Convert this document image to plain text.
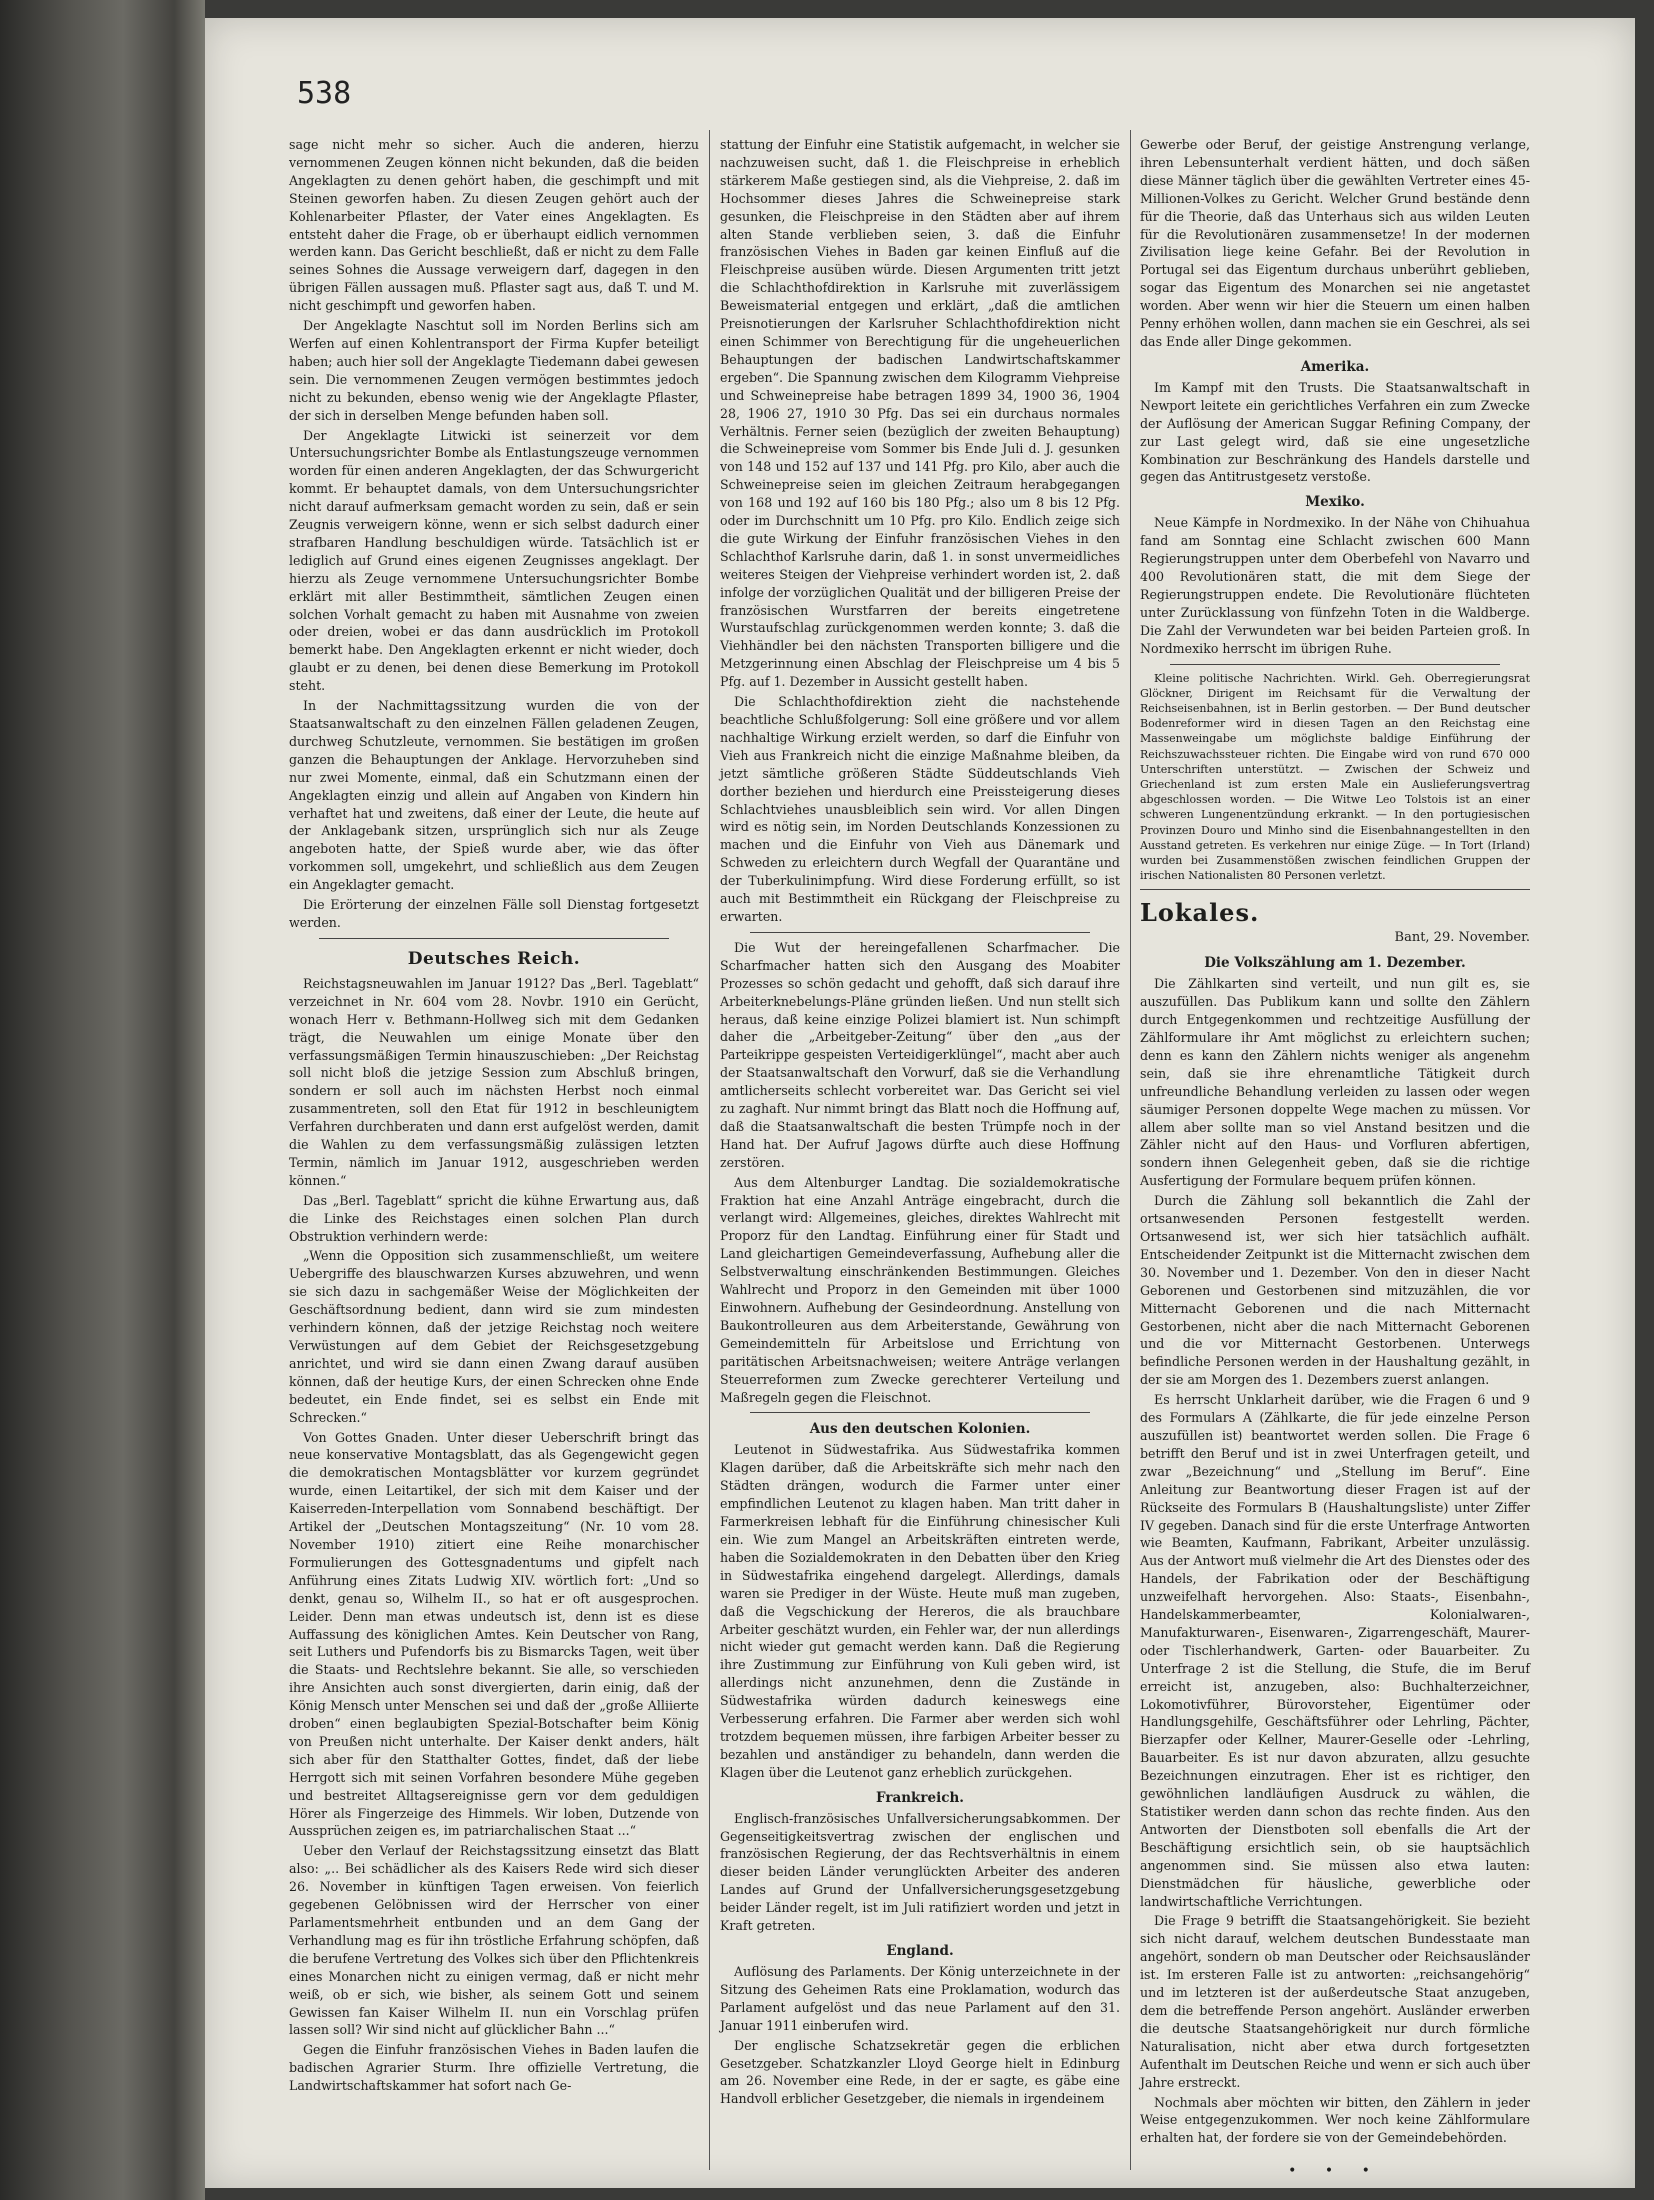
538

sage nicht mehr so sicher. Auch die anderen, hierzu vernommenen Zeugen können nicht bekunden, daß die beiden Angeklagten zu denen gehört haben, die geschimpft und mit Steinen geworfen haben. Zu diesen Zeugen gehört auch der Kohlenarbeiter Pflaster, der Vater eines Angeklagten. Es entsteht daher die Frage, ob er überhaupt eidlich vernommen werden kann. Das Gericht beschließt, daß er nicht zu dem Falle seines Sohnes die Aussage verweigern darf, dagegen in den übrigen Fällen aussagen muß. Pflaster sagt aus, daß T. und M. nicht geschimpft und geworfen haben.

Der Angeklagte Naschtut soll im Norden Berlins sich am Werfen auf einen Kohlentransport der Firma Kupfer beteiligt haben; auch hier soll der Angeklagte Tiedemann dabei gewesen sein. Die vernommenen Zeugen vermögen bestimmtes jedoch nicht zu bekunden, ebenso wenig wie der Angeklagte Pflaster, der sich in derselben Menge befunden haben soll.

Der Angeklagte Litwicki ist seinerzeit vor dem Untersuchungsrichter Bombe als Entlastungszeuge vernommen worden für einen anderen Angeklagten, der das Schwurgericht kommt. Er behauptet damals, von dem Untersuchungsrichter nicht darauf aufmerksam gemacht worden zu sein, daß er sein Zeugnis verweigern könne, wenn er sich selbst dadurch einer strafbaren Handlung beschuldigen würde. Tatsächlich ist er lediglich auf Grund eines eigenen Zeugnisses angeklagt. Der hierzu als Zeuge vernommene Untersuchungsrichter Bombe erklärt mit aller Bestimmtheit, sämtlichen Zeugen einen solchen Vorhalt gemacht zu haben mit Ausnahme von zweien oder dreien, wobei er das dann ausdrücklich im Protokoll bemerkt habe. Den Angeklagten erkennt er nicht wieder, doch glaubt er zu denen, bei denen diese Bemerkung im Protokoll steht.

In der Nachmittagssitzung wurden die von der Staatsanwaltschaft zu den einzelnen Fällen geladenen Zeugen, durchweg Schutzleute, vernommen. Sie bestätigen im großen ganzen die Behauptungen der Anklage. Hervorzuheben sind nur zwei Momente, einmal, daß ein Schutzmann einen der Angeklagten einzig und allein auf Angaben von Kindern hin verhaftet hat und zweitens, daß einer der Leute, die heute auf der Anklagebank sitzen, ursprünglich sich nur als Zeuge angeboten hatte, der Spieß wurde aber, wie das öfter vorkommen soll, umgekehrt, und schließlich aus dem Zeugen ein Angeklagter gemacht.

Die Erörterung der einzelnen Fälle soll Dienstag fortgesetzt werden.

Deutsches Reich.

Reichstagsneuwahlen im Januar 1912? Das „Berl. Tageblatt“ verzeichnet in Nr. 604 vom 28. Novbr. 1910 ein Gerücht, wonach Herr v. Bethmann-Hollweg sich mit dem Gedanken trägt, die Neuwahlen um einige Monate über den verfassungsmäßigen Termin hinauszuschieben: „Der Reichstag soll nicht bloß die jetzige Session zum Abschluß bringen, sondern er soll auch im nächsten Herbst noch einmal zusammentreten, soll den Etat für 1912 in beschleunigtem Verfahren durchberaten und dann erst aufgelöst werden, damit die Wahlen zu dem verfassungsmäßig zulässigen letzten Termin, nämlich im Januar 1912, ausgeschrieben werden können.“

Das „Berl. Tageblatt“ spricht die kühne Erwartung aus, daß die Linke des Reichstages einen solchen Plan durch Obstruktion verhindern werde:

„Wenn die Opposition sich zusammenschließt, um weitere Uebergriffe des blauschwarzen Kurses abzuwehren, und wenn sie sich dazu in sachgemäßer Weise der Möglichkeiten der Geschäftsordnung bedient, dann wird sie zum mindesten verhindern können, daß der jetzige Reichstag noch weitere Verwüstungen auf dem Gebiet der Reichsgesetzgebung anrichtet, und wird sie dann einen Zwang darauf ausüben können, daß der heutige Kurs, der einen Schrecken ohne Ende bedeutet, ein Ende findet, sei es selbst ein Ende mit Schrecken.“

Von Gottes Gnaden. Unter dieser Ueberschrift bringt das neue konservative Montagsblatt, das als Gegengewicht gegen die demokratischen Montagsblätter vor kurzem gegründet wurde, einen Leitartikel, der sich mit dem Kaiser und der Kaiserreden-Interpellation vom Sonnabend beschäftigt. Der Artikel der „Deutschen Montagszeitung“ (Nr. 10 vom 28. November 1910) zitiert eine Reihe monarchischer Formulierungen des Gottesgnadentums und gipfelt nach Anführung eines Zitats Ludwig XIV. wörtlich fort: „Und so denkt, genau so, Wilhelm II., so hat er oft ausgesprochen. Leider. Denn man etwas undeutsch ist, denn ist es diese Auffassung des königlichen Amtes. Kein Deutscher von Rang, seit Luthers und Pufendorfs bis zu Bismarcks Tagen, weit über die Staats- und Rechtslehre bekannt. Sie alle, so verschieden ihre Ansichten auch sonst divergierten, darin einig, daß der König Mensch unter Menschen sei und daß der „große Alliierte droben“ einen beglaubigten Spezial-Botschafter beim König von Preußen nicht unterhalte. Der Kaiser denkt anders, hält sich aber für den Statthalter Gottes, findet, daß der liebe Herrgott sich mit seinen Vorfahren besondere Mühe gegeben und bestreitet Alltagsereignisse gern vor dem geduldigen Hörer als Fingerzeige des Himmels. Wir loben, Dutzende von Aussprüchen zeigen es, im patriarchalischen Staat ...“

Ueber den Verlauf der Reichstagssitzung einsetzt das Blatt also: „.. Bei schädlicher als des Kaisers Rede wird sich dieser 26. November in künftigen Tagen erweisen. Von feierlich gegebenen Gelöbnissen wird der Herrscher von einer Parlamentsmehrheit entbunden und an dem Gang der Verhandlung mag es für ihn tröstliche Erfahrung schöpfen, daß die berufene Vertretung des Volkes sich über den Pflichtenkreis eines Monarchen nicht zu einigen vermag, daß er nicht mehr weiß, ob er sich, wie bisher, als seinem Gott und seinem Gewissen fan Kaiser Wilhelm II. nun ein Vorschlag prüfen lassen soll? Wir sind nicht auf glücklicher Bahn ...“

Gegen die Einfuhr französischen Viehes in Baden laufen die badischen Agrarier Sturm. Ihre offizielle Vertretung, die Landwirtschaftskammer hat sofort nach Ge-

stattung der Einfuhr eine Statistik aufgemacht, in welcher sie nachzuweisen sucht, daß 1. die Fleischpreise in erheblich stärkerem Maße gestiegen sind, als die Viehpreise, 2. daß im Hochsommer dieses Jahres die Schweinepreise stark gesunken, die Fleischpreise in den Städten aber auf ihrem alten Stande verblieben seien, 3. daß die Einfuhr französischen Viehes in Baden gar keinen Einfluß auf die Fleischpreise ausüben würde. Diesen Argumenten tritt jetzt die Schlachthofdirektion in Karlsruhe mit zuverlässigem Beweismaterial entgegen und erklärt, „daß die amtlichen Preisnotierungen der Karlsruher Schlachthofdirektion nicht einen Schimmer von Berechtigung für die ungeheuerlichen Behauptungen der badischen Landwirtschaftskammer ergeben“. Die Spannung zwischen dem Kilogramm Viehpreise und Schweinepreise habe betragen 1899 34, 1900 36, 1904 28, 1906 27, 1910 30 Pfg. Das sei ein durchaus normales Verhältnis. Ferner seien (bezüglich der zweiten Behauptung) die Schweinepreise vom Sommer bis Ende Juli d. J. gesunken von 148 und 152 auf 137 und 141 Pfg. pro Kilo, aber auch die Schweinepreise seien im gleichen Zeitraum herabgegangen von 168 und 192 auf 160 bis 180 Pfg.; also um 8 bis 12 Pfg. oder im Durchschnitt um 10 Pfg. pro Kilo. Endlich zeige sich die gute Wirkung der Einfuhr französischen Viehes in den Schlachthof Karlsruhe darin, daß 1. in sonst unvermeidliches weiteres Steigen der Viehpreise verhindert worden ist, 2. daß infolge der vorzüglichen Qualität und der billigeren Preise der französischen Wurstfarren der bereits eingetretene Wurstaufschlag zurückgenommen werden konnte; 3. daß die Viehhändler bei den nächsten Transporten billigere und die Metzgerinnung einen Abschlag der Fleischpreise um 4 bis 5 Pfg. auf 1. Dezember in Aussicht gestellt haben.

Die Schlachthofdirektion zieht die nachstehende beachtliche Schlußfolgerung: Soll eine größere und vor allem nachhaltige Wirkung erzielt werden, so darf die Einfuhr von Vieh aus Frankreich nicht die einzige Maßnahme bleiben, da jetzt sämtliche größeren Städte Süddeutschlands Vieh dorther beziehen und hierdurch eine Preissteigerung dieses Schlachtviehes unausbleiblich sein wird. Vor allen Dingen wird es nötig sein, im Norden Deutschlands Konzessionen zu machen und die Einfuhr von Vieh aus Dänemark und Schweden zu erleichtern durch Wegfall der Quarantäne und der Tuberkulinimpfung. Wird diese Forderung erfüllt, so ist auch mit Bestimmtheit ein Rückgang der Fleischpreise zu erwarten.

Die Wut der hereingefallenen Scharfmacher. Die Scharfmacher hatten sich den Ausgang des Moabiter Prozesses so schön gedacht und gehofft, daß sich darauf ihre Arbeiterknebelungs-Pläne gründen ließen. Und nun stellt sich heraus, daß keine einzige Polizei blamiert ist. Nun schimpft daher die „Arbeitgeber-Zeitung“ über den „aus der Parteikrippe gespeisten Verteidigerklüngel“, macht aber auch der Staatsanwaltschaft den Vorwurf, daß sie die Verhandlung amtlicherseits schlecht vorbereitet war. Das Gericht sei viel zu zaghaft. Nur nimmt bringt das Blatt noch die Hoffnung auf, daß die Staatsanwaltschaft die besten Trümpfe noch in der Hand hat. Der Aufruf Jagows dürfte auch diese Hoffnung zerstören.

Aus dem Altenburger Landtag. Die sozialdemokratische Fraktion hat eine Anzahl Anträge eingebracht, durch die verlangt wird: Allgemeines, gleiches, direktes Wahlrecht mit Proporz für den Landtag. Einführung einer für Stadt und Land gleichartigen Gemeindeverfassung, Aufhebung aller die Selbstverwaltung einschränkenden Bestimmungen. Gleiches Wahlrecht und Proporz in den Gemeinden mit über 1000 Einwohnern. Aufhebung der Gesindeordnung. Anstellung von Baukontrolleuren aus dem Arbeiterstande, Gewährung von Gemeindemitteln für Arbeitslose und Errichtung von paritätischen Arbeitsnachweisen; weitere Anträge verlangen Steuerreformen zum Zwecke gerechterer Verteilung und Maßregeln gegen die Fleischnot.

Aus den deutschen Kolonien.

Leutenot in Südwestafrika. Aus Südwestafrika kommen Klagen darüber, daß die Arbeitskräfte sich mehr nach den Städten drängen, wodurch die Farmer unter einer empfindlichen Leutenot zu klagen haben. Man tritt daher in Farmerkreisen lebhaft für die Einführung chinesischer Kuli ein. Wie zum Mangel an Arbeitskräften eintreten werde, haben die Sozialdemokraten in den Debatten über den Krieg in Südwestafrika eingehend dargelegt. Allerdings, damals waren sie Prediger in der Wüste. Heute muß man zugeben, daß die Vegschickung der Hereros, die als brauchbare Arbeiter geschätzt wurden, ein Fehler war, der nun allerdings nicht wieder gut gemacht werden kann. Daß die Regierung ihre Zustimmung zur Einführung von Kuli geben wird, ist allerdings nicht anzunehmen, denn die Zustände in Südwestafrika würden dadurch keineswegs eine Verbesserung erfahren. Die Farmer aber werden sich wohl trotzdem bequemen müssen, ihre farbigen Arbeiter besser zu bezahlen und anständiger zu behandeln, dann werden die Klagen über die Leutenot ganz erheblich zurückgehen.

Frankreich.

Englisch-französisches Unfallversicherungsabkommen. Der Gegenseitigkeitsvertrag zwischen der englischen und französischen Regierung, der das Rechtsverhältnis in einem dieser beiden Länder verunglückten Arbeiter des anderen Landes auf Grund der Unfallversicherungsgesetzgebung beider Länder regelt, ist im Juli ratifiziert worden und jetzt in Kraft getreten.

England.

Auflösung des Parlaments. Der König unterzeichnete in der Sitzung des Geheimen Rats eine Proklamation, wodurch das Parlament aufgelöst und das neue Parlament auf den 31. Januar 1911 einberufen wird.

Der englische Schatzsekretär gegen die erblichen Gesetzgeber. Schatzkanzler Lloyd George hielt in Edinburg am 26. November eine Rede, in der er sagte, es gäbe eine Handvoll erblicher Gesetzgeber, die niemals in irgendeinem

Gewerbe oder Beruf, der geistige Anstrengung verlange, ihren Lebensunterhalt verdient hätten, und doch säßen diese Männer täglich über die gewählten Vertreter eines 45-Millionen-Volkes zu Gericht. Welcher Grund bestände denn für die Theorie, daß das Unterhaus sich aus wilden Leuten für die Revolutionären zusammensetze! In der modernen Zivilisation liege keine Gefahr. Bei der Revolution in Portugal sei das Eigentum durchaus unberührt geblieben, sogar das Eigentum des Monarchen sei nie angetastet worden. Aber wenn wir hier die Steuern um einen halben Penny erhöhen wollen, dann machen sie ein Geschrei, als sei das Ende aller Dinge gekommen.

Amerika.

Im Kampf mit den Trusts. Die Staatsanwaltschaft in Newport leitete ein gerichtliches Verfahren ein zum Zwecke der Auflösung der American Suggar Refining Company, der zur Last gelegt wird, daß sie eine ungesetzliche Kombination zur Beschränkung des Handels darstelle und gegen das Antitrustgesetz verstoße.

Mexiko.

Neue Kämpfe in Nordmexiko. In der Nähe von Chihuahua fand am Sonntag eine Schlacht zwischen 600 Mann Regierungstruppen unter dem Oberbefehl von Navarro und 400 Revolutionären statt, die mit dem Siege der Regierungstruppen endete. Die Revolutionäre flüchteten unter Zurücklassung von fünfzehn Toten in die Waldberge. Die Zahl der Verwundeten war bei beiden Parteien groß. In Nordmexiko herrscht im übrigen Ruhe.

Kleine politische Nachrichten. Wirkl. Geh. Oberregierungsrat Glöckner, Dirigent im Reichsamt für die Verwaltung der Reichseisenbahnen, ist in Berlin gestorben. — Der Bund deutscher Bodenreformer wird in diesen Tagen an den Reichstag eine Massenweingabe um möglichste baldige Einführung der Reichszuwachssteuer richten. Die Eingabe wird von rund 670 000 Unterschriften unterstützt. — Zwischen der Schweiz und Griechenland ist zum ersten Male ein Auslieferungsvertrag abgeschlossen worden. — Die Witwe Leo Tolstois ist an einer schweren Lungenentzündung erkrankt. — In den portugiesischen Provinzen Douro und Minho sind die Eisenbahnangestellten in den Ausstand getreten. Es verkehren nur einige Züge. — In Tort (Irland) wurden bei Zusammenstößen zwischen feindlichen Gruppen der irischen Nationalisten 80 Personen verletzt.

Lokales.

Bant, 29. November.

Die Volkszählung am 1. Dezember.

Die Zählkarten sind verteilt, und nun gilt es, sie auszufüllen. Das Publikum kann und sollte den Zählern durch Entgegenkommen und rechtzeitige Ausfüllung der Zählformulare ihr Amt möglichst zu erleichtern suchen; denn es kann den Zählern nichts weniger als angenehm sein, daß sie ihre ehrenamtliche Tätigkeit durch unfreundliche Behandlung verleiden zu lassen oder wegen säumiger Personen doppelte Wege machen zu müssen. Vor allem aber sollte man so viel Anstand besitzen und die Zähler nicht auf den Haus- und Vorfluren abfertigen, sondern ihnen Gelegenheit geben, daß sie die richtige Ausfertigung der Formulare bequem prüfen können.

Durch die Zählung soll bekanntlich die Zahl der ortsanwesenden Personen festgestellt werden. Ortsanwesend ist, wer sich hier tatsächlich aufhält. Entscheidender Zeitpunkt ist die Mitternacht zwischen dem 30. November und 1. Dezember. Von den in dieser Nacht Geborenen und Gestorbenen sind mitzuzählen, die vor Mitternacht Geborenen und die nach Mitternacht Gestorbenen, nicht aber die nach Mitternacht Geborenen und die vor Mitternacht Gestorbenen. Unterwegs befindliche Personen werden in der Haushaltung gezählt, in der sie am Morgen des 1. Dezembers zuerst anlangen.

Es herrscht Unklarheit darüber, wie die Fragen 6 und 9 des Formulars A (Zählkarte, die für jede einzelne Person auszufüllen ist) beantwortet werden sollen. Die Frage 6 betrifft den Beruf und ist in zwei Unterfragen geteilt, und zwar „Bezeichnung“ und „Stellung im Beruf“. Eine Anleitung zur Beantwortung dieser Fragen ist auf der Rückseite des Formulars B (Haushaltungsliste) unter Ziffer IV gegeben. Danach sind für die erste Unterfrage Antworten wie Beamten, Kaufmann, Fabrikant, Arbeiter unzulässig. Aus der Antwort muß vielmehr die Art des Dienstes oder des Handels, der Fabrikation oder der Beschäftigung unzweifelhaft hervorgehen. Also: Staats-, Eisenbahn-, Handelskammerbeamter, Kolonialwaren-, Manufakturwaren-, Eisenwaren-, Zigarrengeschäft, Maurer- oder Tischlerhandwerk, Garten- oder Bauarbeiter. Zu Unterfrage 2 ist die Stellung, die Stufe, die im Beruf erreicht ist, anzugeben, also: Buchhalterzeichner, Lokomotivführer, Bürovorsteher, Eigentümer oder Handlungsgehilfe, Geschäftsführer oder Lehrling, Pächter, Bierzapfer oder Kellner, Maurer-Geselle oder -Lehrling, Bauarbeiter. Es ist nur davon abzuraten, allzu gesuchte Bezeichnungen einzutragen. Eher ist es richtiger, den gewöhnlichen landläufigen Ausdruck zu wählen, die Statistiker werden dann schon das rechte finden. Aus den Antworten der Dienstboten soll ebenfalls die Art der Beschäftigung ersichtlich sein, ob sie hauptsächlich angenommen sind. Sie müssen also etwa lauten: Dienstmädchen für häusliche, gewerbliche oder landwirtschaftliche Verrichtungen.

Die Frage 9 betrifft die Staatsangehörigkeit. Sie bezieht sich nicht darauf, welchem deutschen Bundesstaate man angehört, sondern ob man Deutscher oder Reichsausländer ist. Im ersteren Falle ist zu antworten: „reichsangehörig“ und im letzteren ist der außerdeutsche Staat anzugeben, dem die betreffende Person angehört. Ausländer erwerben die deutsche Staatsangehörigkeit nur durch förmliche Naturalisation, nicht aber etwa durch fortgesetzten Aufenthalt im Deutschen Reiche und wenn er sich auch über Jahre erstreckt.

Nochmals aber möchten wir bitten, den Zählern in jeder Weise entgegenzukommen. Wer noch keine Zählformulare erhalten hat, der fordere sie von der Gemeindebehörden.

• • •
